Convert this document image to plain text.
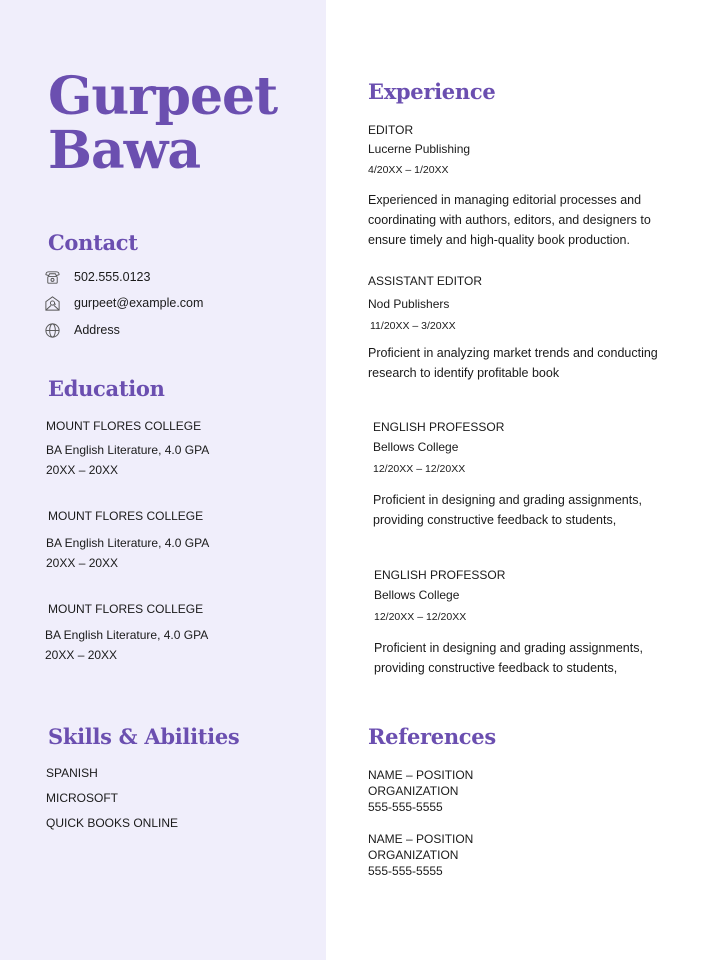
Gurpeet
Bawa
Contact
502.555.0123
gurpeet@example.com
Address
Education
MOUNT FLORES COLLEGE
BA English Literature, 4.0 GPA
20XX – 20XX
MOUNT FLORES COLLEGE
BA English Literature, 4.0 GPA
20XX – 20XX
MOUNT FLORES COLLEGE
BA English Literature, 4.0 GPA
20XX – 20XX
Skills & Abilities
SPANISH
MICROSOFT
QUICK BOOKS ONLINE
Experience
EDITOR
Lucerne Publishing
4/20XX – 1/20XX
Experienced in managing editorial processes and coordinating with authors, editors, and designers to ensure timely and high-quality book production.
ASSISTANT EDITOR
Nod Publishers
11/20XX – 3/20XX
Proficient in analyzing market trends and conducting research to identify profitable book
ENGLISH PROFESSOR
Bellows College
12/20XX – 12/20XX
Proficient in designing and grading assignments, providing constructive feedback to students,
ENGLISH PROFESSOR
Bellows College
12/20XX – 12/20XX
Proficient in designing and grading assignments, providing constructive feedback to students,
References
NAME – POSITION
ORGANIZATION
555-555-5555
NAME – POSITION
ORGANIZATION
555-555-5555
